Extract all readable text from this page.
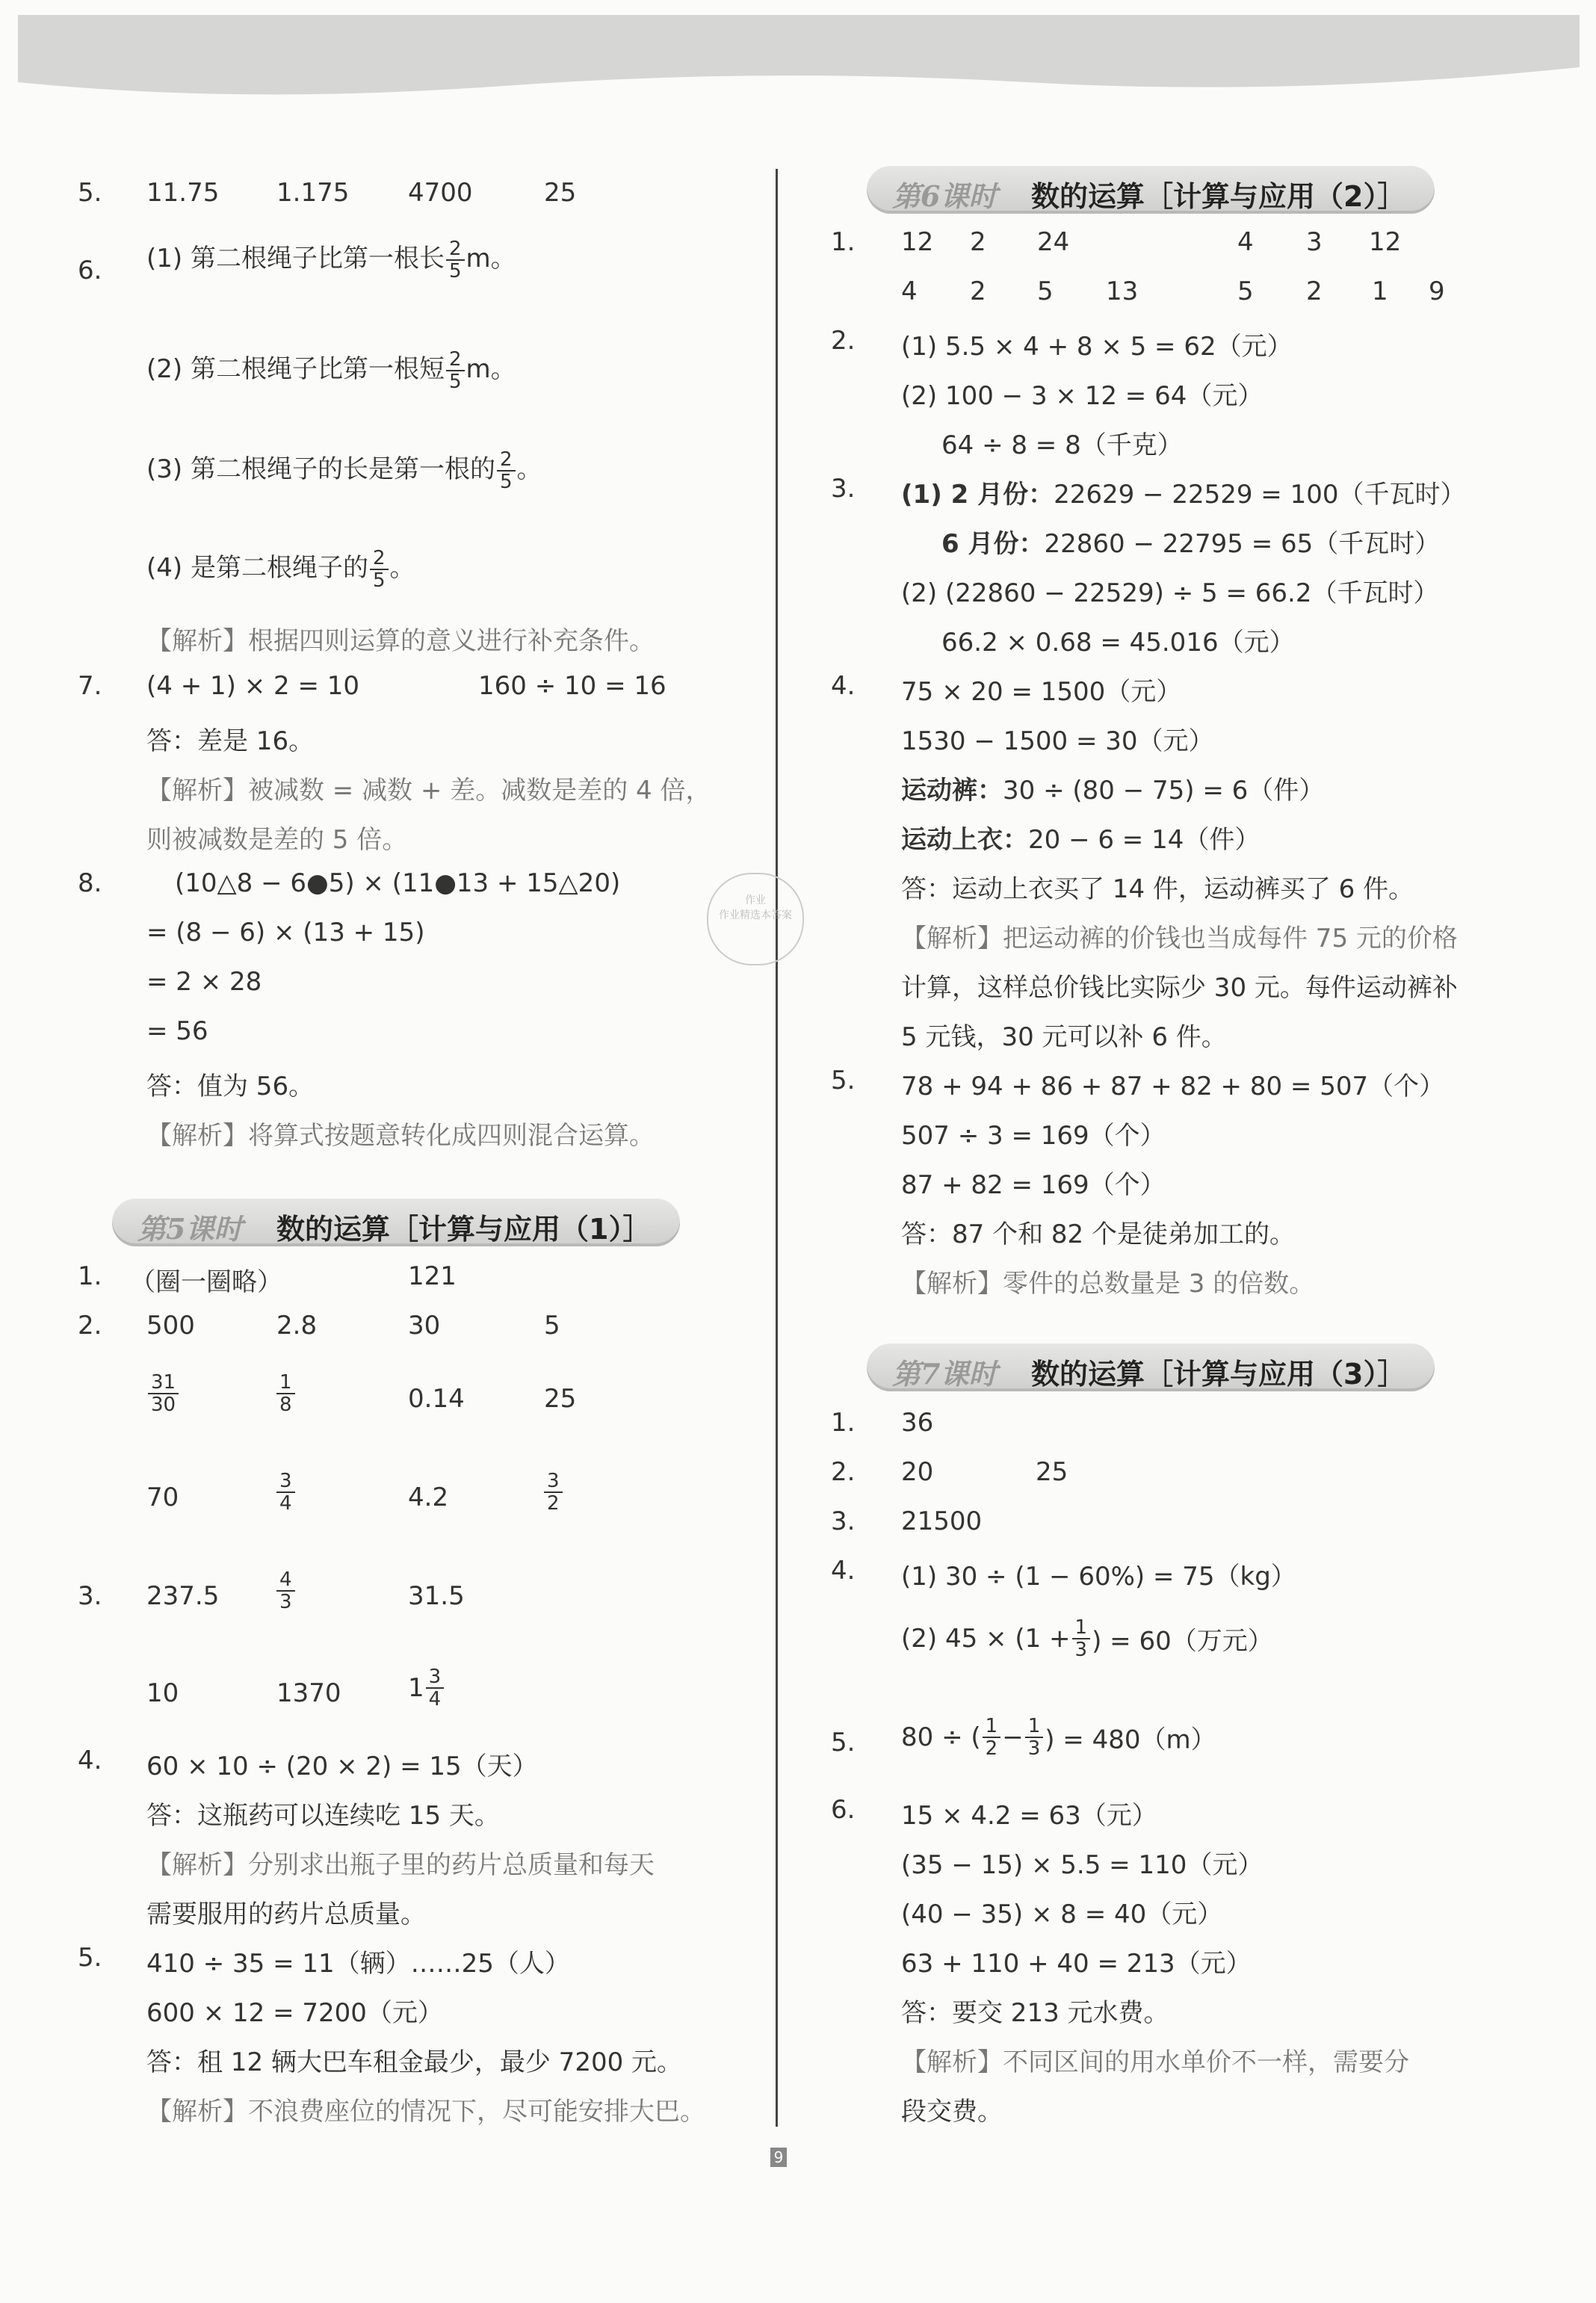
5. 11.75 1.175 4700	25
6. (1) 第二根绳子比第一根长 $\frac{2}{5}$ m。
(2) 第二根绳子比第一根短 $\frac{2}{5}$ m。
(3) 第二根绳子的长是第一根的 $\frac{2}{5}$ 。
(4) 是第二根绳子的 $\frac{2}{5}$ 。
【解析】根据四则运算的意义进行补充条件。
7. (4 + 1) × 2 = 10	160 ÷ 10 = 16
答：差是 16。
【解析】被减数 = 减数 + 差。减数是差的 4 倍，
则被减数是差的 5 倍。
8.	(10△8 − 6●5) × (11●13 + 15△20)
= (8 − 6) × (13 + 15)
= 2 × 28
= 56
答：值为 56。
【解析】将算式按题意转化成四则混合运算。
第5课时 数的运算［计算与应用（1）］
1. （圈一圈略）	121
2. 500	2.8	30	5
$\frac{31}{30}$	$\frac{1}{8}$	0.14	25
70	$\frac{3}{4}$	4.2	$\frac{3}{2}$
3. 237.5	$\frac{4}{3}$	31.5
10	1370	$1 \frac{3}{4}$
4. 60 × 10 ÷ (20 × 2) = 15（天）
答：这瓶药可以连续吃 15 天。
【解析】分别求出瓶子里的药片总质量和每天
需要服用的药片总质量。
5. 410 ÷ 35 = 11（辆）……25（人）
600 × 12 = 7200（元）
答：租 12 辆大巴车租金最少，最少 7200 元。
【解析】不浪费座位的情况下，尽可能安排大巴。
作业
作业精选本答案
第6课时 数的运算［计算与应用（2）］
1. 12 2 24	4 3 12
4 2 5 13	5 2 1 9
2. (1) 5.5 × 4 + 8 × 5 = 62（元）
(2) 100 − 3 × 12 = 64（元）
64 ÷ 8 = 8（千克）
3. (1) 2 月份：22629 − 22529 = 100（千瓦时）
6 月份：22860 − 22795 = 65（千瓦时）
(2) (22860 − 22529) ÷ 5 = 66.2（千瓦时）
66.2 × 0.68 = 45.016（元）
4. 75 × 20 = 1500（元）
1530 − 1500 = 30（元）
运动裤：30 ÷ (80 − 75) = 6（件）
运动上衣：20 − 6 = 14（件）
答：运动上衣买了 14 件，运动裤买了 6 件。
【解析】把运动裤的价钱也当成每件 75 元的价格
计算，这样总价钱比实际少 30 元。每件运动裤补
5 元钱，30 元可以补 6 件。
5. 78 + 94 + 86 + 87 + 82 + 80 = 507（个）
507 ÷ 3 = 169（个）
87 + 82 = 169（个）
答：87 个和 82 个是徒弟加工的。
【解析】零件的总数量是 3 的倍数。
第7课时 数的运算［计算与应用（3）］
1. 36
2. 20	25
3. 21500
4. (1) 30 ÷ (1 − 60%) = 75（kg）
(2) $45 \times (1 + \frac{1}{3}$ ) = 60（万元）
5. 80 ÷ ( $\frac{1}{2} - \frac{1}{3}$ ) = 480（m）
6. 15 × 4.2 = 63（元）
(35 − 15) × 5.5 = 110（元）
(40 − 35) × 8 = 40（元）
63 + 110 + 40 = 213（元）
答：要交 213 元水费。
【解析】不同区间的用水单价不一样，需要分
段交费。
9
